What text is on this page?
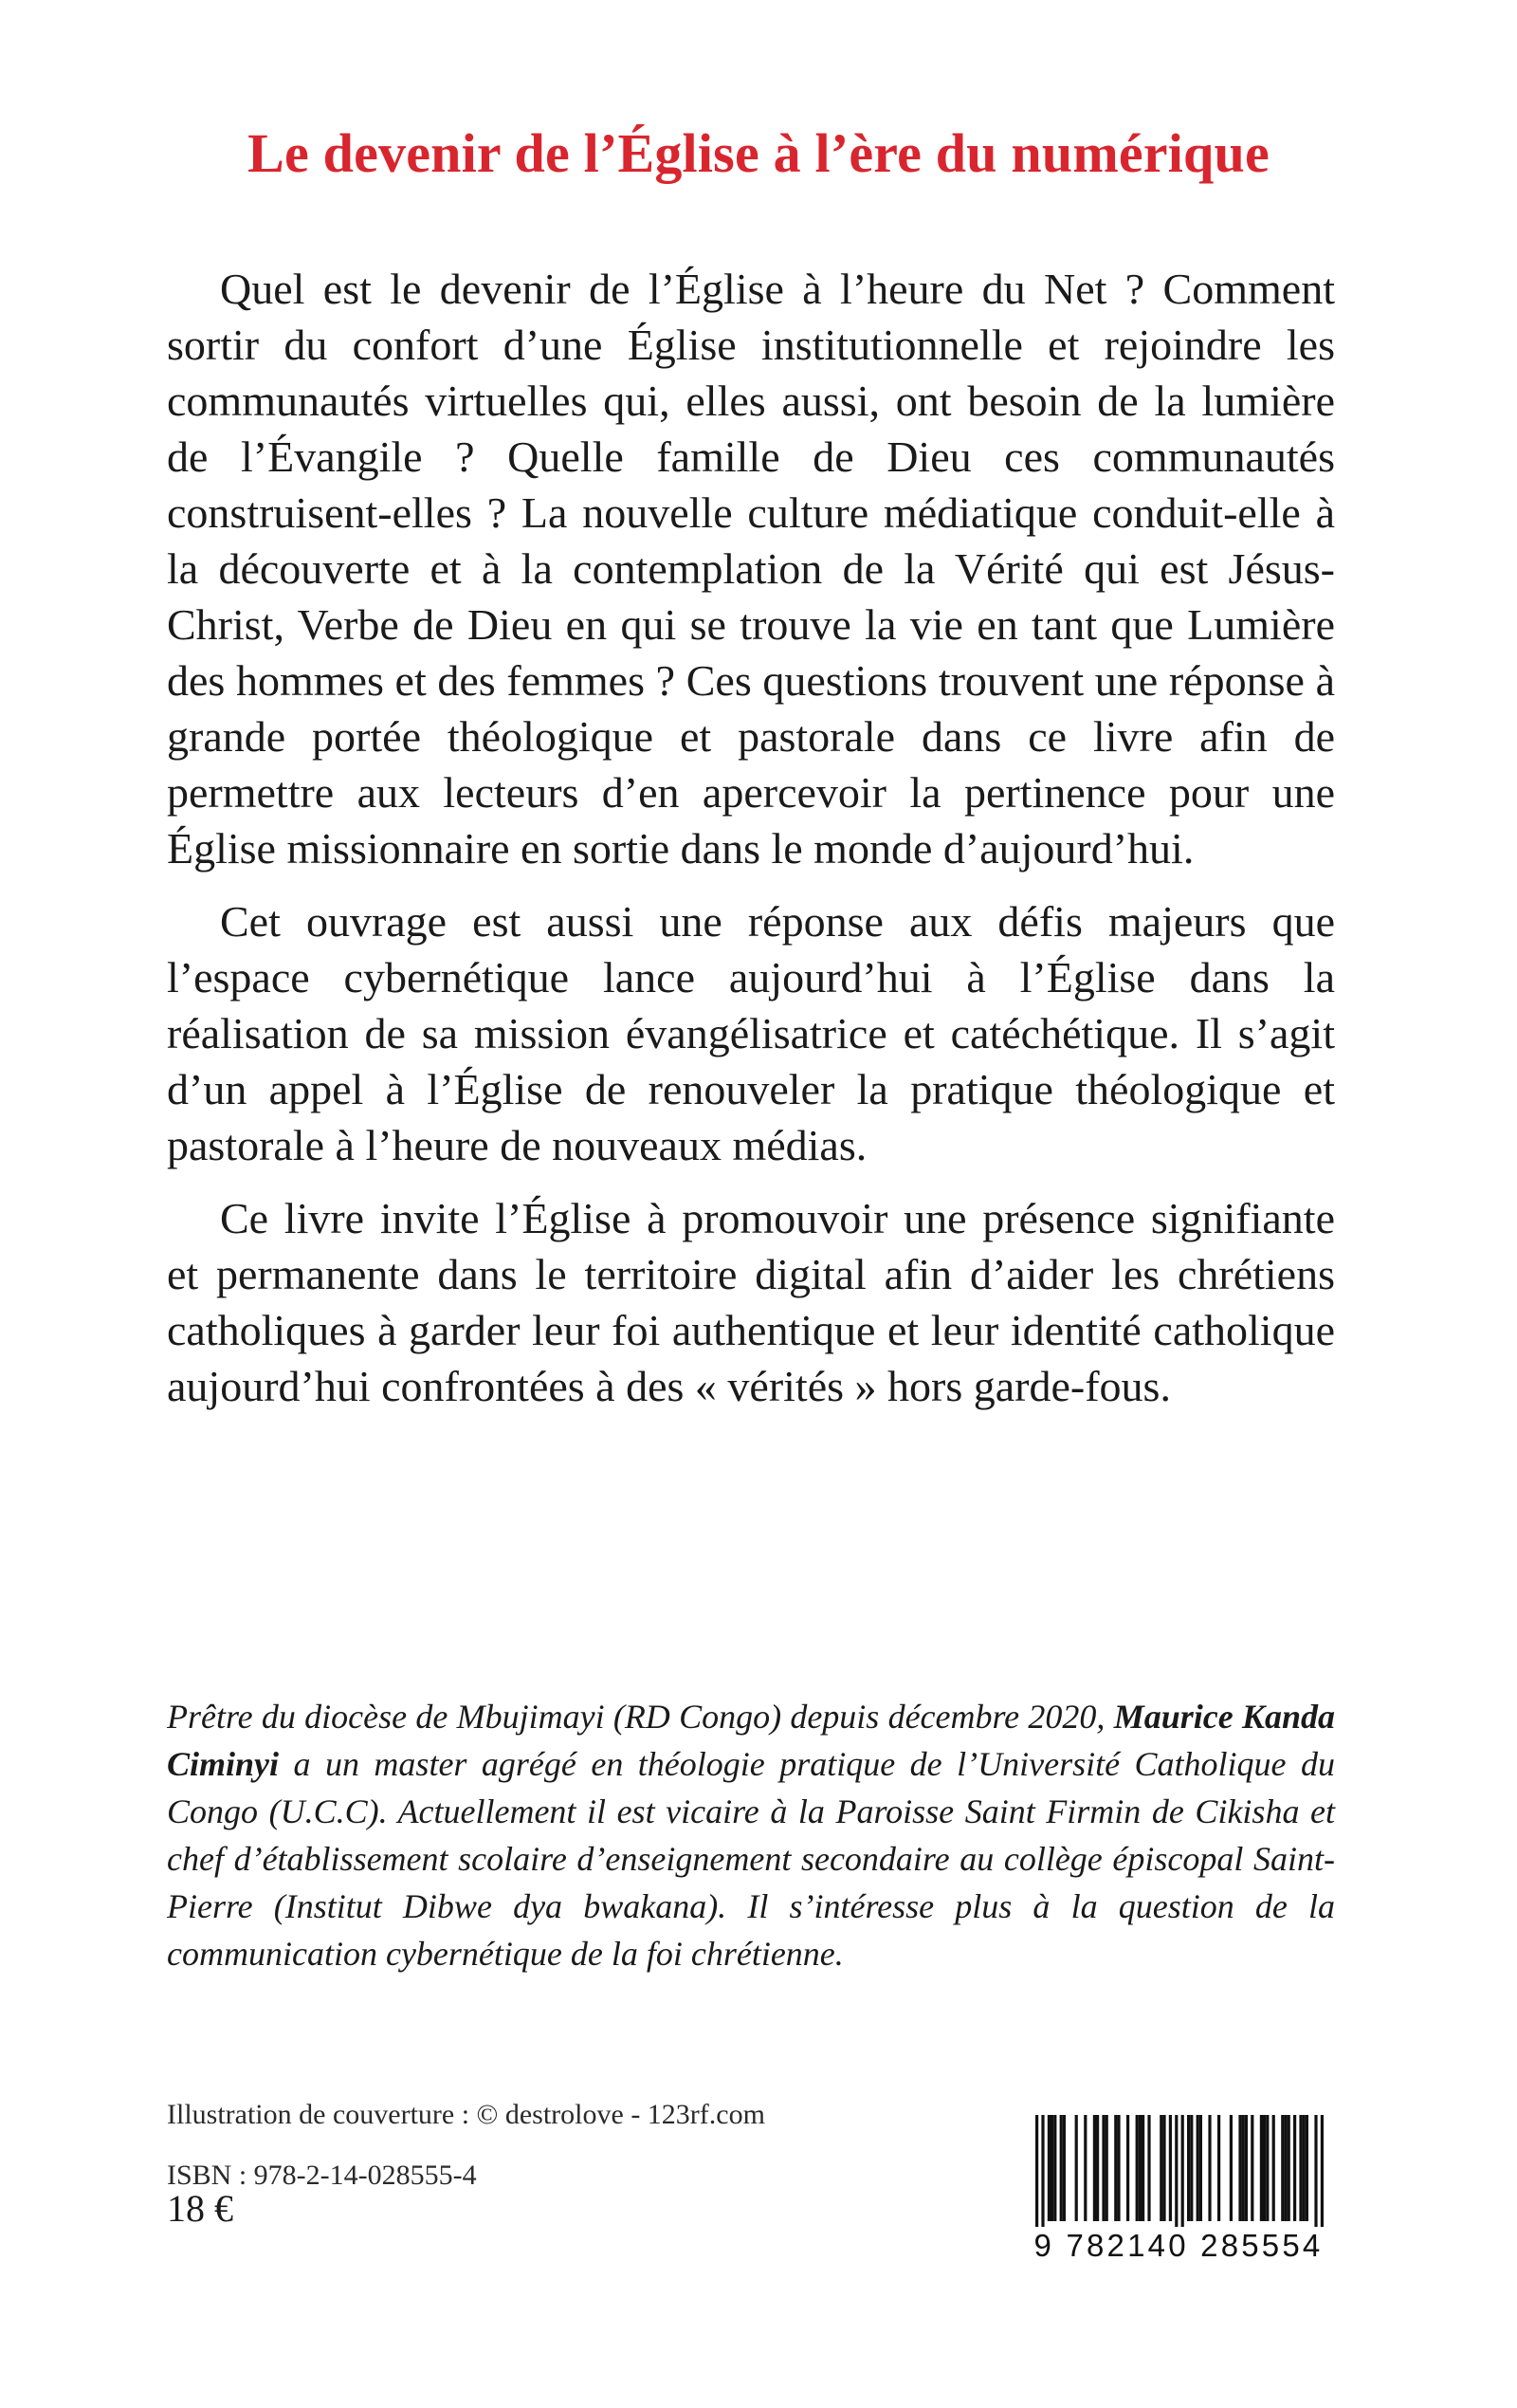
Le devenir de l’Église à l’ère du numérique

Quel est le devenir de l’Église à l’heure du Net ? Comment sortir du confort d’une Église institutionnelle et rejoindre les communautés virtuelles qui, elles aussi, ont besoin de la lumière de l’Évangile ? Quelle famille de Dieu ces communautés construisent-elles ? La nouvelle culture médiatique conduit-elle à la découverte et à la contemplation de la Vérité qui est Jésus-Christ, Verbe de Dieu en qui se trouve la vie en tant que Lumière des hommes et des femmes ? Ces questions trouvent une réponse à grande portée théologique et pastorale dans ce livre afin de permettre aux lecteurs d’en apercevoir la pertinence pour une Église missionnaire en sortie dans le monde d’aujourd’hui.

Cet ouvrage est aussi une réponse aux défis majeurs que l’espace cybernétique lance aujourd’hui à l’Église dans la réalisation de sa mission évangélisatrice et catéchétique. Il s’agit d’un appel à l’Église de renouveler la pratique théologique et pastorale à l’heure de nouveaux médias.

Ce livre invite l’Église à promouvoir une présence signifiante et permanente dans le territoire digital afin d’aider les chrétiens catholiques à garder leur foi authentique et leur identité catholique aujourd’hui confrontées à des « vérités » hors garde-fous.

Prêtre du diocèse de Mbujimayi (RD Congo) depuis décembre 2020, Maurice Kanda Ciminyi a un master agrégé en théologie pratique de l’Université Catholique du Congo (U.C.C). Actuellement il est vicaire à la Paroisse Saint Firmin de Cikisha et chef d’établissement scolaire d’enseignement secondaire au collège épiscopal Saint-Pierre (Institut Dibwe dya bwakana). Il s’intéresse plus à la question de la communication cybernétique de la foi chrétienne.

Illustration de couverture : © destrolove - 123rf.com
ISBN : 978-2-14-028555-4
18 €
9 782140 285554
